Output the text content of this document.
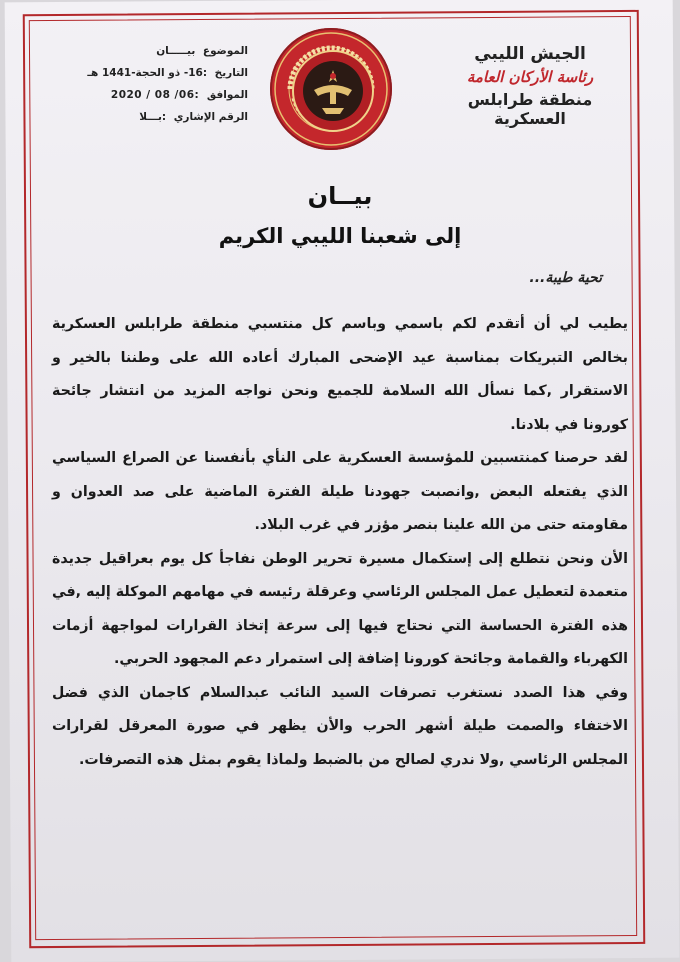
الجيش الليبي
رئاسة الأركان العامة
منطقة طرابلس العسكرية
الموضوع بيـــــان
التاريخ :16- ذو الحجة-1441 هـ
الموافق :06/ 08 / 2020
الرقم الإشاري :بـــلا
بيــان
إلى شعبنا الليبي الكريم
تحية طيبة...

يطيب لي أن أتقدم لكم باسمي وباسم كل منتسبي منطقة طرابلس العسكرية بخالص التبريكات بمناسبة عيد الإضحى المبارك أعاده الله على وطننا بالخير و الاستقرار ,كما نسأل الله السلامة للجميع ونحن نواجه المزيد من انتشار جائحة كورونا في بلادنا.

لقد حرصنا كمنتسبين للمؤسسة العسكرية على النأي بأنفسنا عن الصراع السياسي الذي يفتعله البعض ,وانصبت جهودنا طيلة الفترة الماضية على صد العدوان و مقاومته حتى من الله علينا بنصر مؤزر في غرب البلاد.

الأن ونحن نتطلع إلى إستكمال مسيرة تحرير الوطن نفاجأ كل يوم بعراقيل جديدة متعمدة لتعطيل عمل المجلس الرئاسي وعرقلة رئيسه في مهامهم الموكلة إليه ,في هذه الفترة الحساسة التي نحتاج فيها إلى سرعة إتخاذ القرارات لمواجهة أزمات الكهرباء والقمامة وجائحة كورونا إضافة إلى استمرار دعم المجهود الحربي.

وفي هذا الصدد نستغرب تصرفات السيد النائب عبدالسلام كاجمان الذي فضل الاختفاء والصمت طيلة أشهر الحرب والأن يظهر في صورة المعرقل لقرارات المجلس الرئاسي ,ولا ندري لصالح من بالضبط ولماذا يقوم بمثل هذه التصرفات.
